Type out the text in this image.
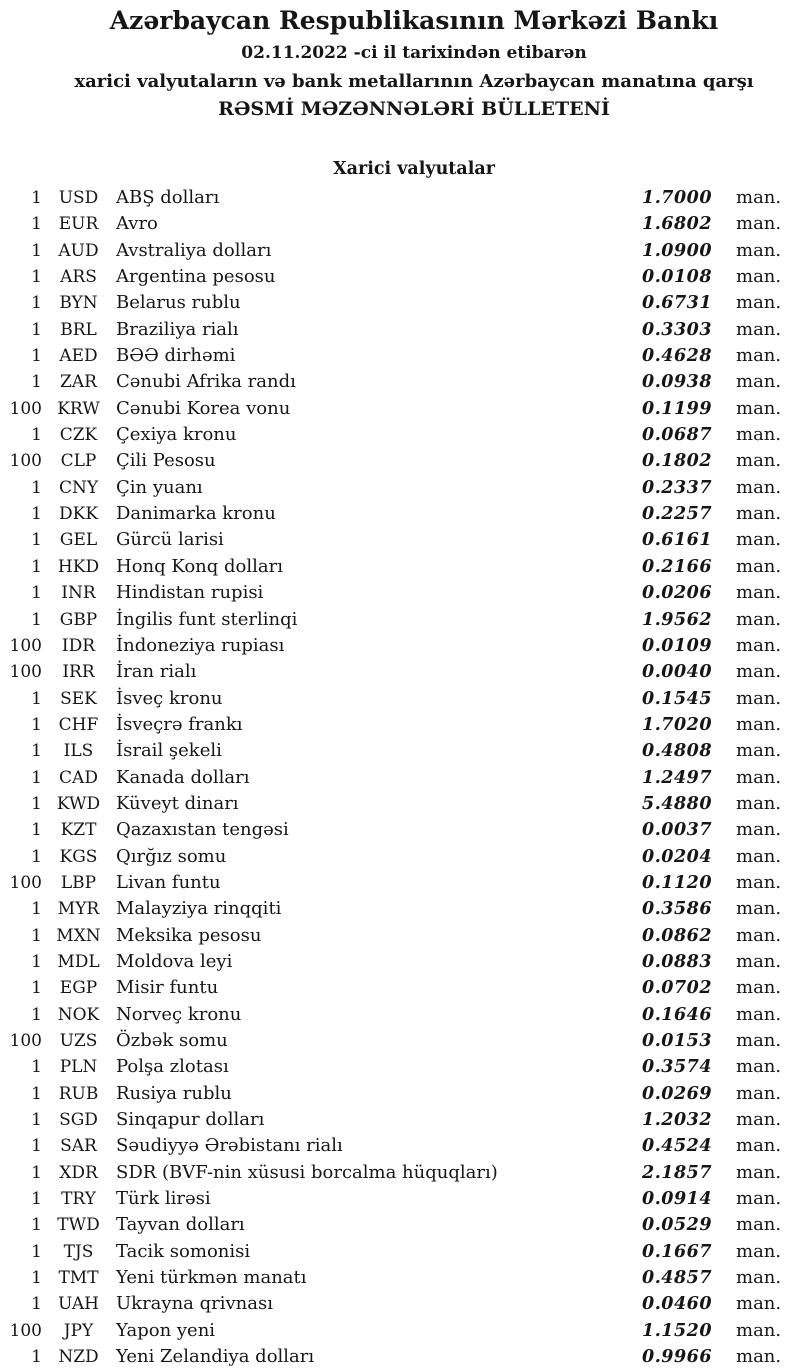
Azərbaycan Respublikasının Mərkəzi Bankı
02.11.2022 -ci il tarixindən etibarən
xarici valyutaların və bank metallarının Azərbaycan manatına qarşı
RƏSMİ MƏZƏNNƏLƏRİ BÜLLETENİ
Xarici valyutalar
1 USD ABŞ dolları	1.7000	man.
1 EUR Avro	1.6802	man.
1 AUD Avstraliya dolları	1.0900	man.
1	ARS	Argentina pesosu	0.0108	man.
1	BYN	Belarus rublu	0.6731	man.
1	BRL	Braziliya rialı	0.3303	man.
1	AED	BƏƏ dirhəmi	0.4628	man.
1	ZAR	Cənubi Afrika randı	0.0938	man.
100 KRW Cənubi Korea vonu	0.1199	man.
1	CZK	Çexiya kronu	0.0687	man.
100	CLP	Çili Pesosu	0.1802	man.
1 CNY Çin yuanı	0.2337	man.
1 DKK Danimarka kronu	0.2257	man.
1	GEL	Gürcü larisi	0.6161	man.
1 HKD Honq Konq dolları	0.2166	man.
1	INR	Hindistan rupisi	0.0206	man.
1	GBP	İngilis funt sterlinqi	1.9562	man.
100	IDR	İndoneziya rupiası	0.0109	man.
100	IRR	İran rialı	0.0040	man.
1	SEK	İsveç kronu	0.1545	man.
1 CHF İsveçrə frankı	1.7020	man.
1	ILS	İsrail şekeli	0.4808	man.
1	CAD	Kanada dolları	1.2497	man.
1 KWD Küveyt dinarı	5.4880	man.
1	KZT	Qazaxıstan tengəsi	0.0037	man.
1	KGS	Qırğız somu	0.0204	man.
100	LBP	Livan funtu	0.1120	man.
1 MYR Malayziya rinqqiti	0.3586	man.
1 MXN Meksika pesosu	0.0862	man.
1 MDL Moldova leyi	0.0883	man.
1	EGP	Misir funtu	0.0702	man.
1 NOK Norveç kronu	0.1646	man.
100	UZS	Özbək somu	0.0153	man.
1	PLN	Polşa zlotası	0.3574	man.
1 RUB Rusiya rublu	0.0269	man.
1	SGD	Sinqapur dolları	1.2032	man.
1	SAR	Səudiyyə Ərəbistanı rialı	0.4524	man.
1	XDR	SDR (BVF-nin xüsusi borcalma hüquqları)	2.1857	man.
1	TRY	Türk lirəsi	0.0914	man.
1 TWD Tayvan dolları	0.0529	man.
1	TJS	Tacik somonisi	0.1667	man.
1 TMT Yeni türkmən manatı	0.4857	man.
1 UAH Ukrayna qrivnası	0.0460	man.
100	JPY	Yapon yeni	1.1520	man.
1 NZD Yeni Zelandiya dolları	0.9966	man.
